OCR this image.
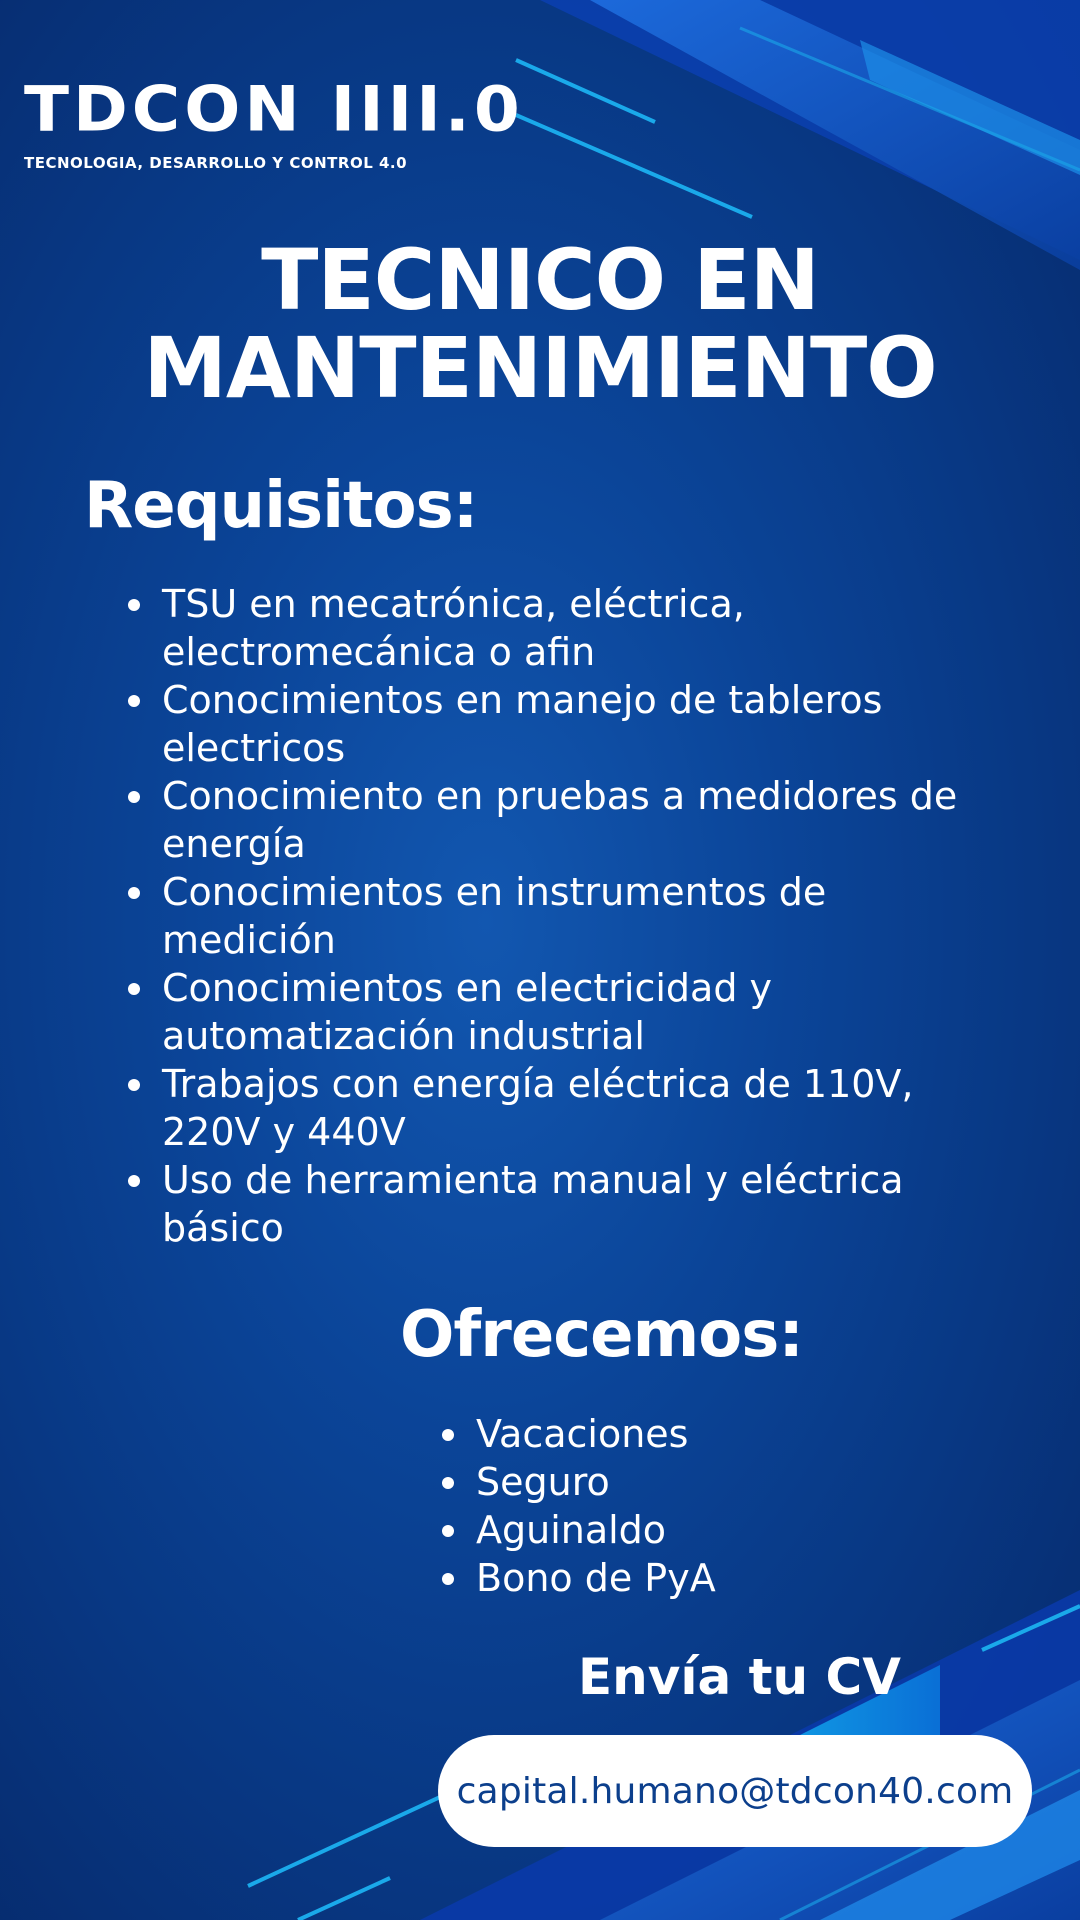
TDCON IIII.0
TECNOLOGIA, DESARROLLO Y CONTROL 4.0
TECNICO EN
MANTENIMIENTO
Requisitos:
TSU en mecatrónica, eléctrica, electromecánica o afin
Conocimientos en manejo de tableros electricos
Conocimiento en pruebas a medidores de energía
Conocimientos en instrumentos de medición
Conocimientos en electricidad y automatización industrial
Trabajos con energía eléctrica de 110V, 220V y 440V
Uso de herramienta manual y eléctrica básico
Ofrecemos:
Vacaciones
Seguro
Aguinaldo
Bono de PyA
Envía tu CV
capital.humano@tdcon40.com
